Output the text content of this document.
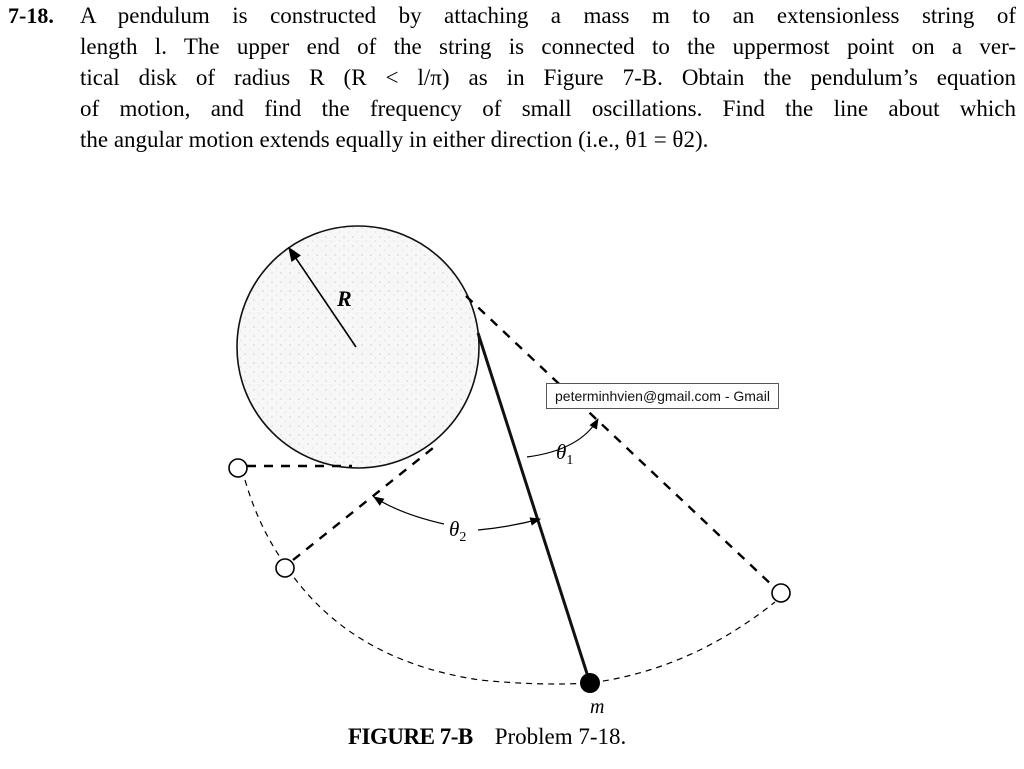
7-18. A pendulum is constructed by attaching a mass m to an extensionless string of
length l. The upper end of the string is connected to the uppermost point on a ver-
tical disk of radius R (R < l/π) as in Figure 7-B. Obtain the pendulum’s equation
of motion, and find the frequency of small oscillations. Find the line about which
the angular motion extends equally in either direction (i.e., θ1 = θ2).
R
$\theta_1$
$\theta_2$
m
peterminhvien@gmail.com - Gmail
FIGURE 7-B Problem 7-18.
